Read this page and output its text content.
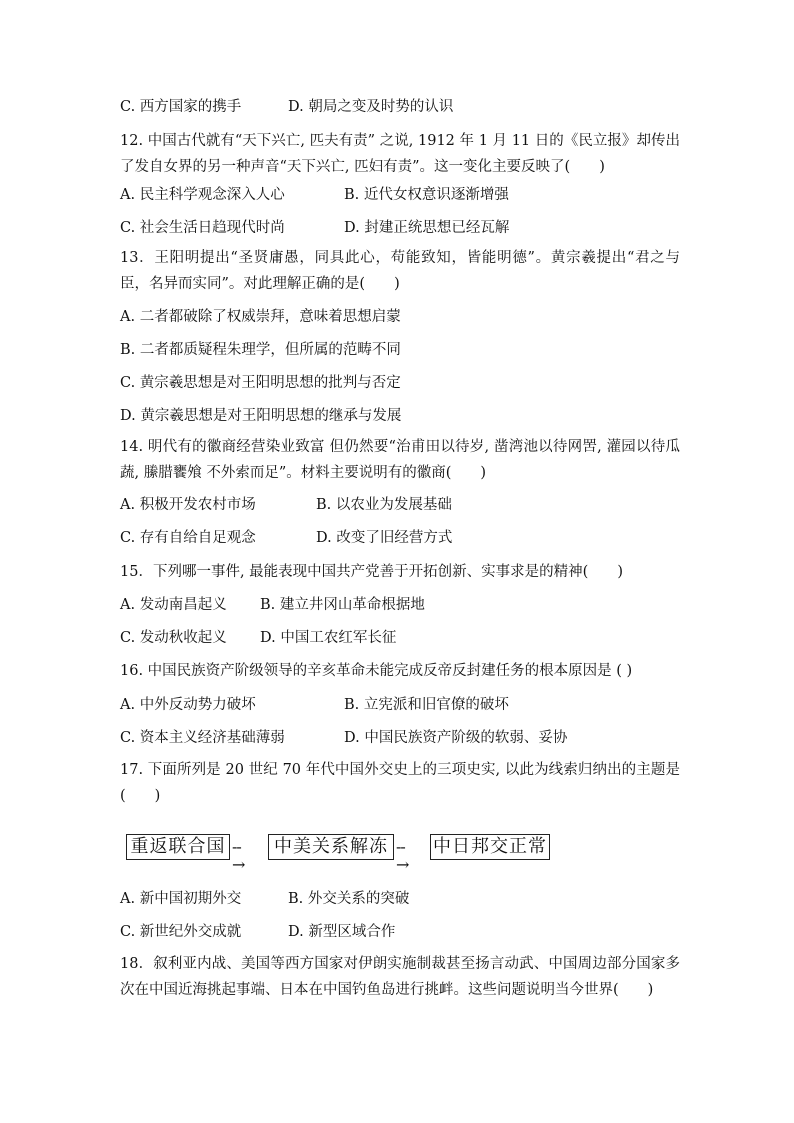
C. 西方国家的携手	D. 朝局之变及时势的认识
12. 中国古代就有“天下兴亡, 匹夫有责” 之说, 1912 年 1 月 11 日的《民立报》却传出了发自女界的另一种声音“天下兴亡, 匹妇有责”。这一变化主要反映了(　　)
A. 民主科学观念深入人心	B. 近代女权意识逐渐增强
C. 社会生活日趋现代时尚	D. 封建正统思想已经瓦解
13．王阳明提出“圣贤庸愚，同具此心，苟能致知，皆能明德”。黄宗羲提出“君之与臣，名异而实同”。对此理解正确的是(　　)
A. 二者都破除了权威崇拜，意味着思想启蒙
B. 二者都质疑程朱理学，但所属的范畴不同
C. 黄宗羲思想是对王阳明思想的批判与否定
D. 黄宗羲思想是对王阳明思想的继承与发展
14. 明代有的徽商经营染业致富 但仍然要“治甫田以待岁, 凿湾池以待网罟, 灌园以待瓜蔬, 縢腊饔飧 不外索而足”。材料主要说明有的徽商(　　)
A. 积极开发农村市场	B. 以农业为发展基础
C. 存有自给自足观念	D. 改变了旧经营方式
15．下列哪一事件, 最能表现中国共产党善于开拓创新、实事求是的精神(　　)
A. 发动南昌起义 B. 建立井冈山革命根据地
C. 发动秋收起义 D. 中国工农红军长征
16. 中国民族资产阶级领导的辛亥革命未能完成反帝反封建任务的根本原因是 ( )
A. 中外反动势力破坏	B. 立宪派和旧官僚的破坏
C. 资本主义经济基础薄弱	D. 中国民族资产阶级的软弱、妥协
17. 下面所列是 20 世纪 70 年代中国外交史上的三项史实, 以此为线索归纳出的主题是(　　)
重返联合国 --→
中美关系解冻 --→
中日邦交正常
A. 新中国初期外交	B. 外交关系的突破
C. 新世纪外交成就	D. 新型区域合作
18．叙利亚内战、美国等西方国家对伊朗实施制裁甚至扬言动武、中国周边部分国家多次在中国近海挑起事端、日本在中国钓鱼岛进行挑衅。这些问题说明当今世界(　　)
